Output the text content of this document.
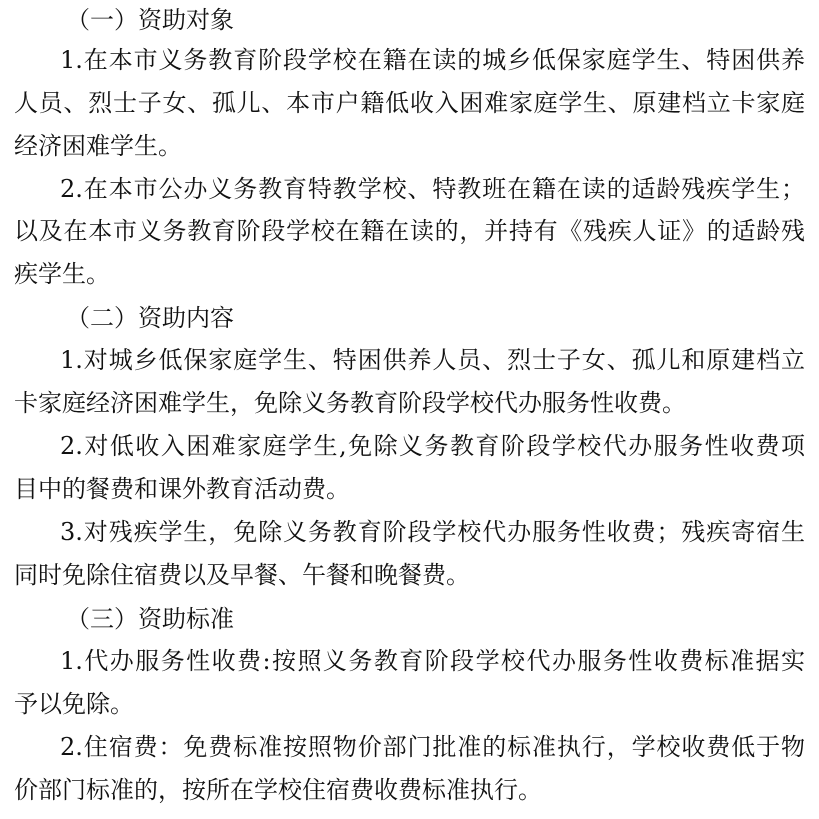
（一）资助对象
1.在本市义务教育阶段学校在籍在读的城乡低保家庭学生、特困供养
人员、烈士子女、孤儿、本市户籍低收入困难家庭学生、原建档立卡家庭
经济困难学生。
2.在本市公办义务教育特教学校、特教班在籍在读的适龄残疾学生；
以及在本市义务教育阶段学校在籍在读的，并持有《残疾人证》的适龄残
疾学生。
（二）资助内容
1.对城乡低保家庭学生、特困供养人员、烈士子女、孤儿和原建档立
卡家庭经济困难学生，免除义务教育阶段学校代办服务性收费。
2.对低收入困难家庭学生,免除义务教育阶段学校代办服务性收费项
目中的餐费和课外教育活动费。
3.对残疾学生，免除义务教育阶段学校代办服务性收费；残疾寄宿生
同时免除住宿费以及早餐、午餐和晚餐费。
（三）资助标准
1.代办服务性收费:按照义务教育阶段学校代办服务性收费标准据实
予以免除。
2.住宿费：免费标准按照物价部门批准的标准执行，学校收费低于物
价部门标准的，按所在学校住宿费收费标准执行。
